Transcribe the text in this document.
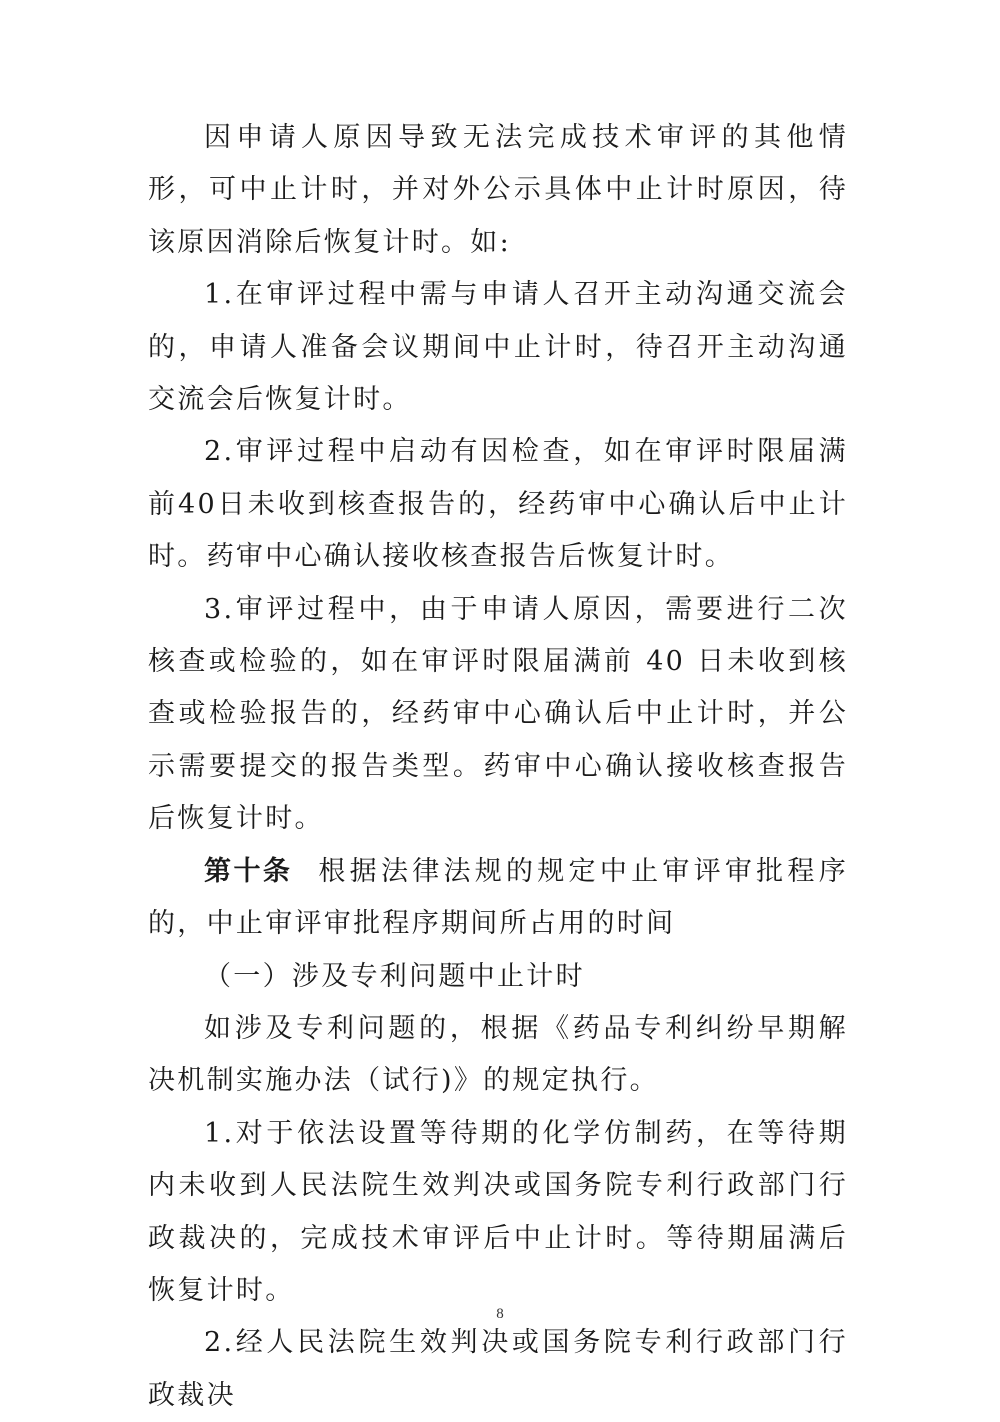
因申请人原因导致无法完成技术审评的其他情形，可中止计时，并对外公示具体中止计时原因，待该原因消除后恢复计时。如:

1.在审评过程中需与申请人召开主动沟通交流会的，申请人准备会议期间中止计时，待召开主动沟通交流会后恢复计时。

2.审评过程中启动有因检查，如在审评时限届满前40日未收到核查报告的，经药审中心确认后中止计时。药审中心确认接收核查报告后恢复计时。

3.审评过程中，由于申请人原因，需要进行二次核查或检验的，如在审评时限届满前 40 日未收到核查或检验报告的，经药审中心确认后中止计时，并公示需要提交的报告类型。药审中心确认接收核查报告后恢复计时。

第十条 根据法律法规的规定中止审评审批程序的，中止审评审批程序期间所占用的时间

（一）涉及专利问题中止计时

如涉及专利问题的，根据《药品专利纠纷早期解决机制实施办法（试行)》的规定执行。

1.对于依法设置等待期的化学仿制药，在等待期内未收到人民法院生效判决或国务院专利行政部门行政裁决的，完成技术审评后中止计时。等待期届满后恢复计时。

2.经人民法院生效判决或国务院专利行政部门行政裁决

8
